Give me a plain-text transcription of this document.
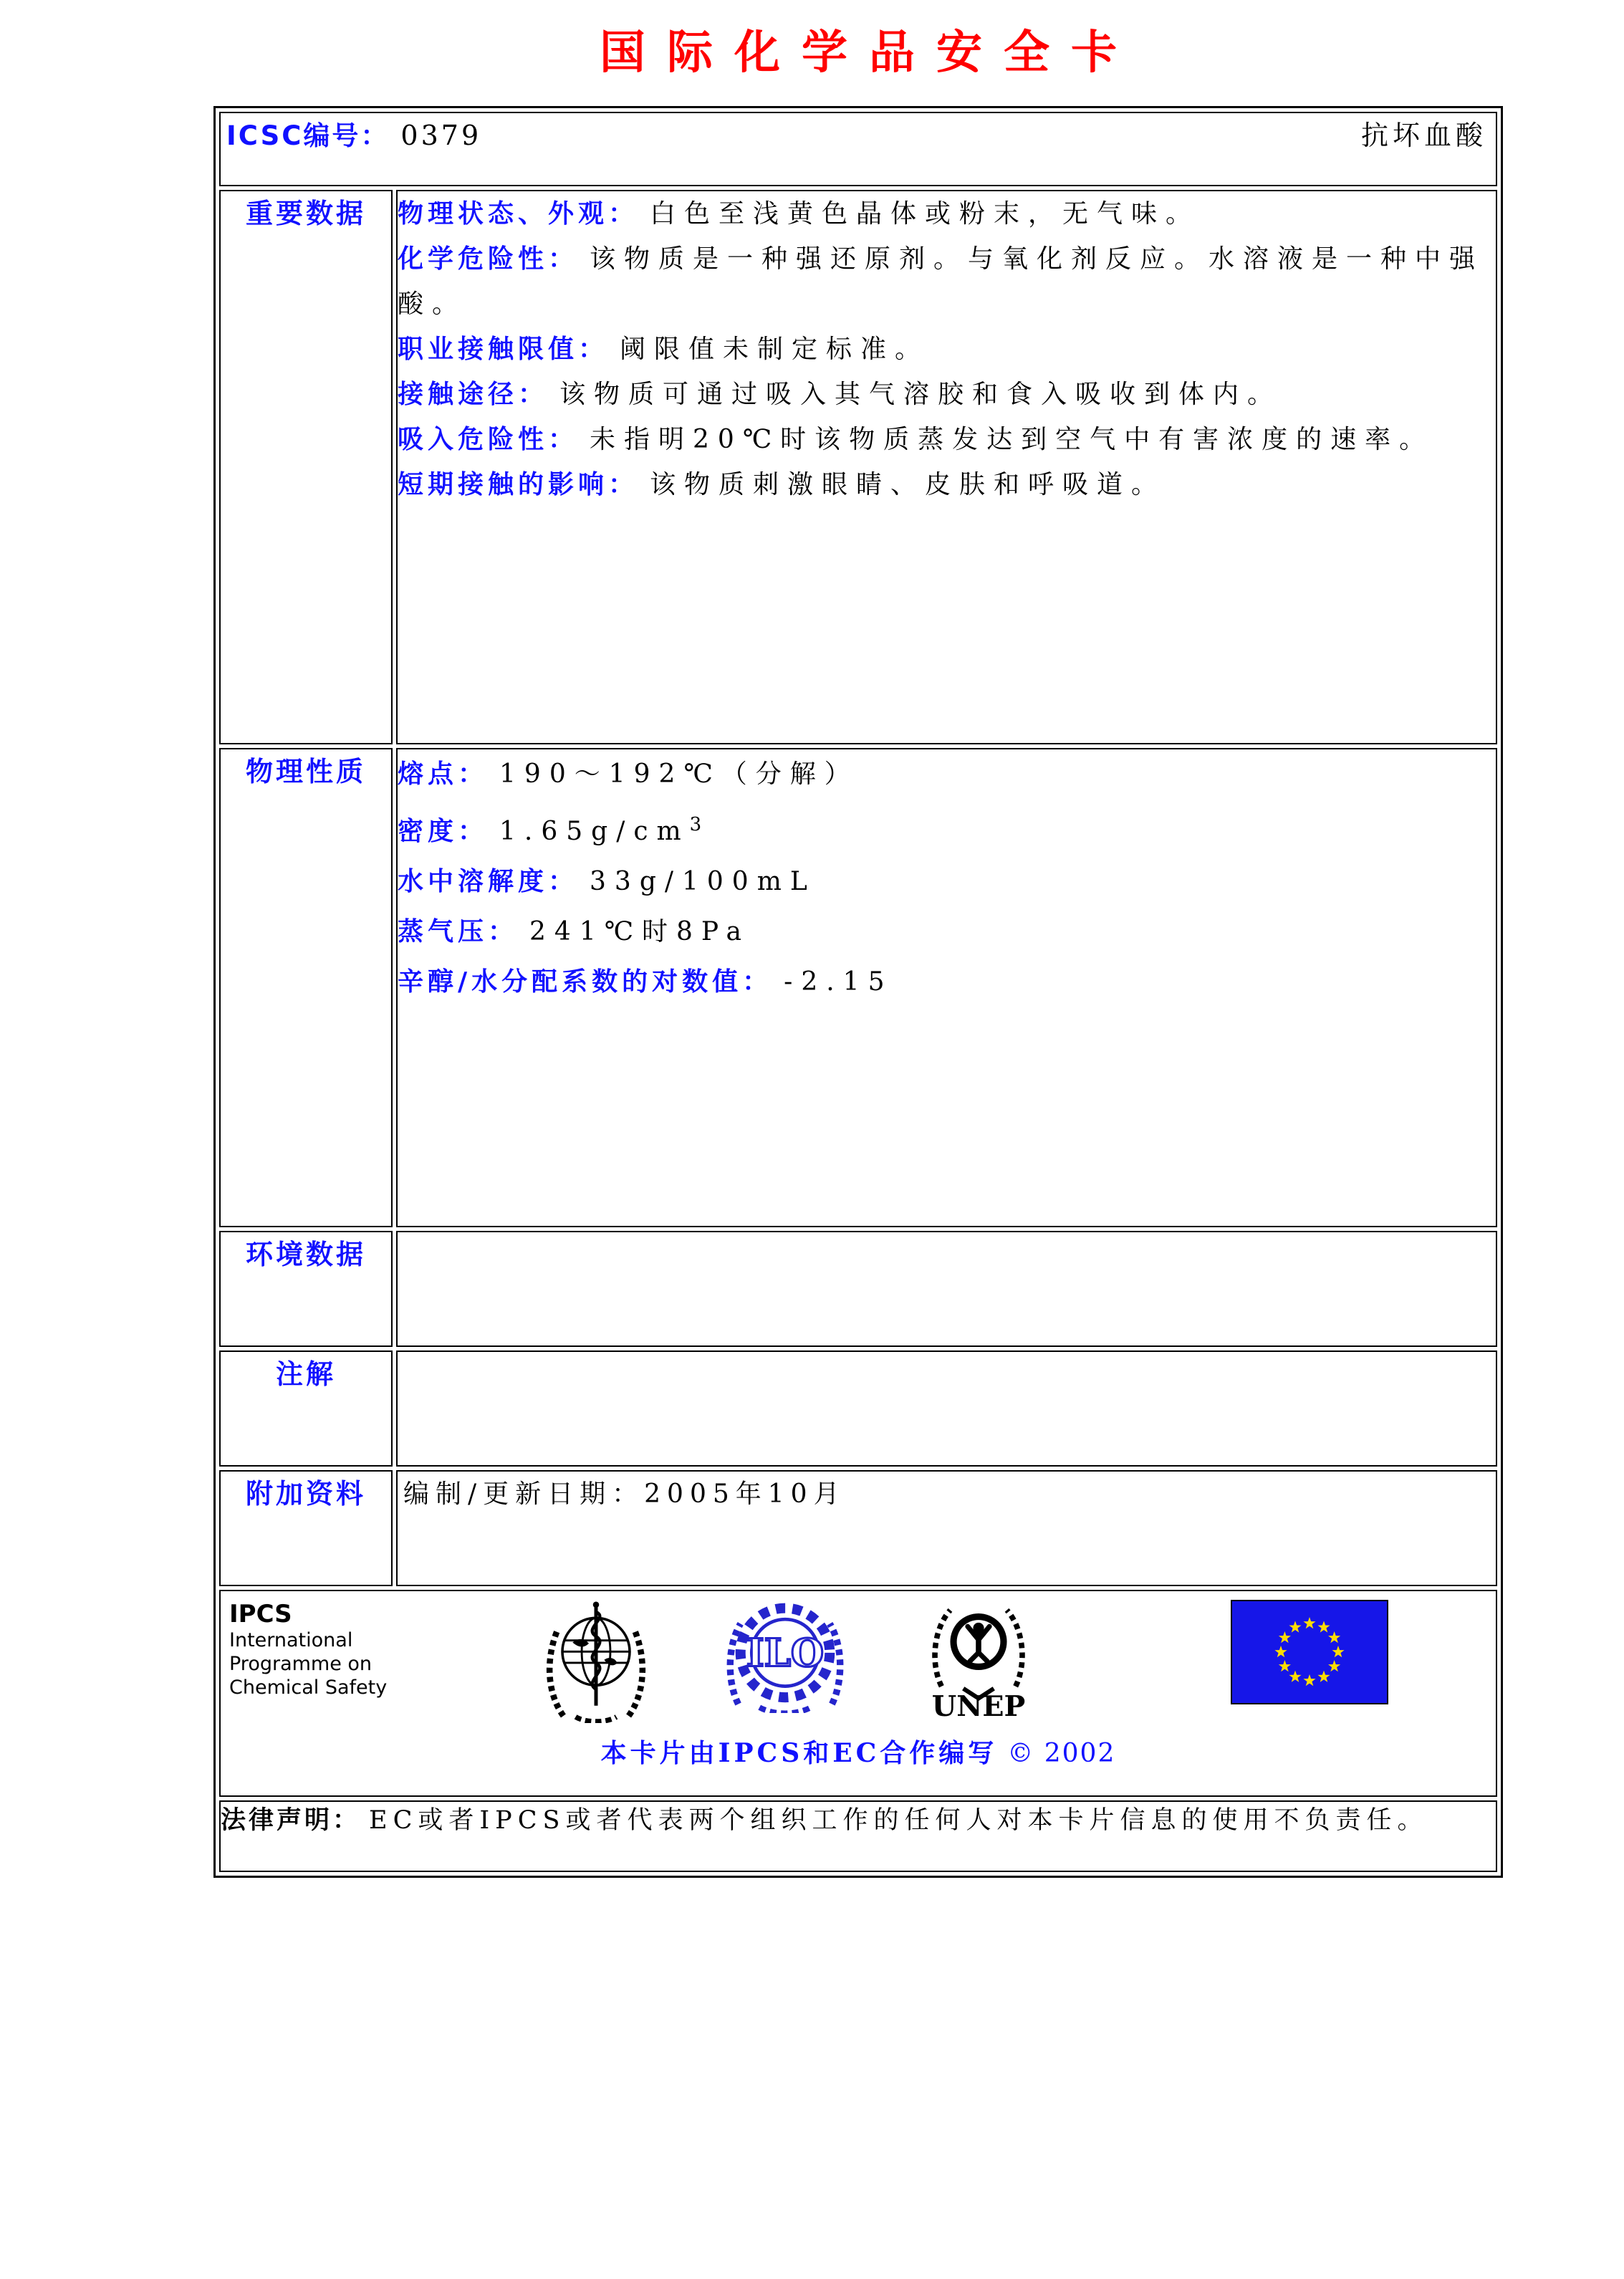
国际化学品安全卡
ICSC编号： 0379 抗坏血酸	

重要数据	物理状态、外观： 白色至浅黄色晶体或粉末，无气味。
化学危险性： 该物质是一种强还原剂。与氧化剂反应。水溶液是一种中强酸。
职业接触限值： 阈限值未制定标准。
接触途径： 该物质可通过吸入其气溶胶和食入吸收到体内。
吸入危险性： 未指明20℃时该物质蒸发达到空气中有害浓度的速率。
短期接触的影响： 该物质刺激眼睛、皮肤和呼吸道。

物理性质	熔点： 190～192℃（分解）
密度： $1.65g/cm^3$
水中溶解度： 33g/100mL
蒸气压： 241℃时8Pa
辛醇/水分配系数的对数值： -2.15

环境数据	
注解	
附加资料	编制/更新日期：2005年10月

IPCS
International
Programme on
Chemical Safety
ILO
UNEP
本卡片由IPCS和EC合作编写 © 2002

法律声明： EC或者IPCS或者代表两个组织工作的任何人对本卡片信息的使用不负责任。	
